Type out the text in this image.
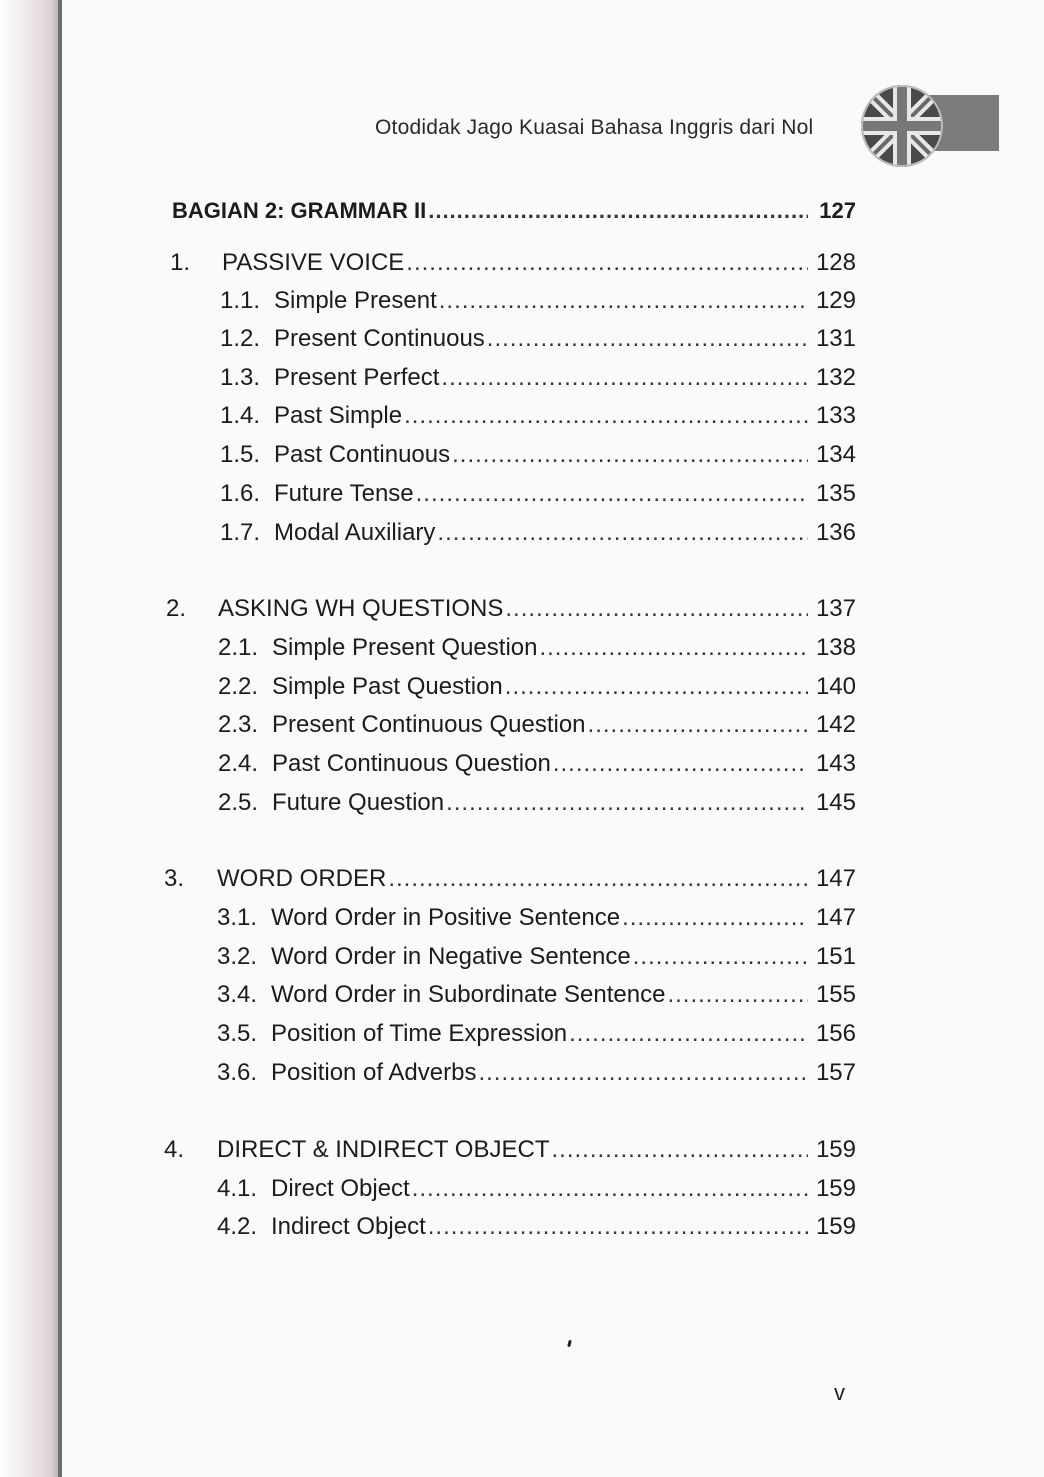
Otodidak Jago Kuasai Bahasa Inggris dari Nol
BAGIAN 2: GRAMMAR II .....	127
1. PASSIVE VOICE .....	128
1.1. Simple Present .....	129
1.2. Present Continuous .....	131
1.3. Present Perfect .....	132
1.4. Past Simple .....	133
1.5. Past Continuous .....	134
1.6. Future Tense .....	135
1.7. Modal Auxiliary .....	136
2. ASKING WH QUESTIONS .....	137
2.1. Simple Present Question .....	138
2.2. Simple Past Question .....	140
2.3. Present Continuous Question .....	142
2.4. Past Continuous Question .....	143
2.5. Future Question .....	145
3. WORD ORDER .....	147
3.1. Word Order in Positive Sentence .....	147
3.2. Word Order in Negative Sentence .....	151
3.4. Word Order in Subordinate Sentence .....	155
3.5. Position of Time Expression .....	156
3.6. Position of Adverbs .....	157
4. DIRECT & INDIRECT OBJECT .....	159
4.1. Direct Object .....	159
4.2. Indirect Object .....	159
v
